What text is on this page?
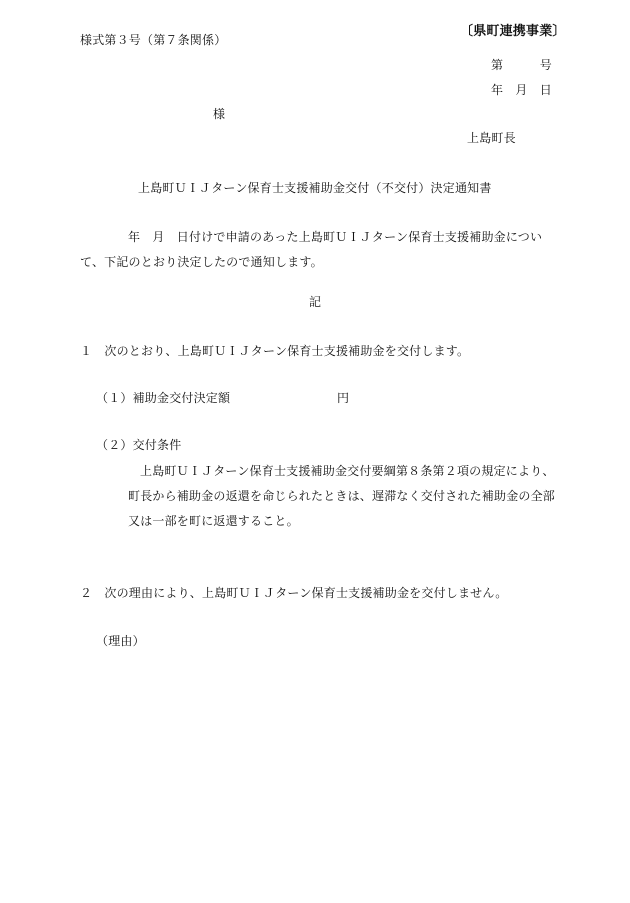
様式第３号（第７条関係）
〔県町連携事業〕
第　　　号
年　月　日
様
上島町長
上島町ＵＩＪターン保育士支援補助金交付（不交付）決定通知書
年　月　日付けで申請のあった上島町ＵＩＪターン保育士支援補助金につい
て、下記のとおり決定したので通知します。
記
１　次のとおり、上島町ＵＩＪターン保育士支援補助金を交付します。
（１）補助金交付決定額	円
（２）交付条件
上島町ＵＩＪターン保育士支援補助金交付要綱第８条第２項の規定により、
町長から補助金の返還を命じられたときは、遅滞なく交付された補助金の全部
又は一部を町に返還すること。
２　次の理由により、上島町ＵＩＪターン保育士支援補助金を交付しません。
（理由）
